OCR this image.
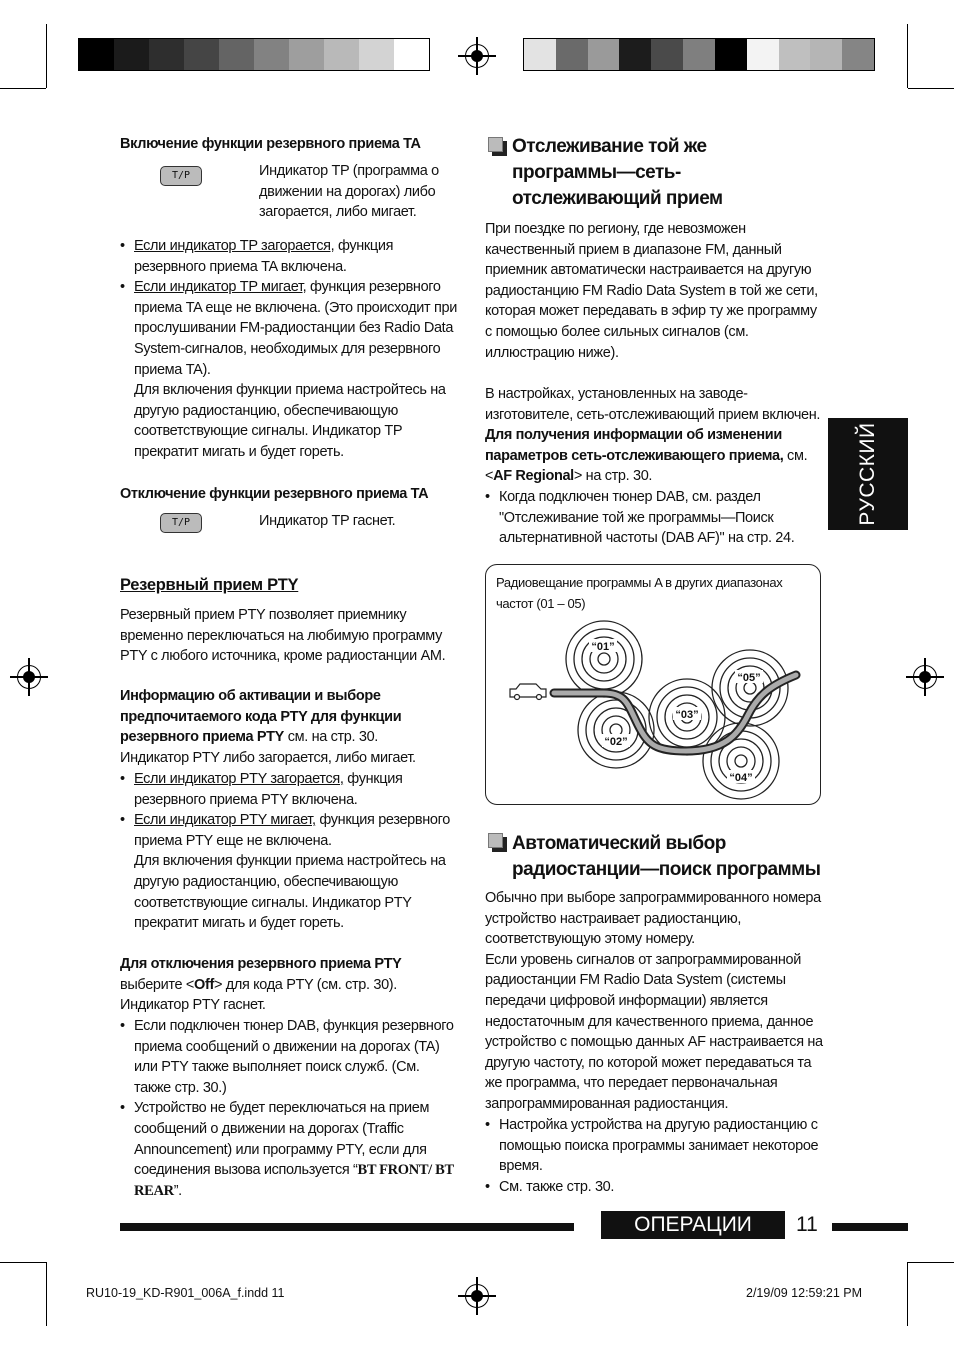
Включение функции резервного приема TA
T/P	Индикатор TP (программа о движении на дорогах) либо загорается, либо мигает.
• Если индикатор TP загорается, функция резервного приема TA включена.
• Если индикатор TP мигает, функция резервного приема TA еще не включена. (Это происходит при прослушивании FM-радиостанции без Radio Data System-сигналов, необходимых для резервного приема TA).
Для включения функции приема настройтесь на другую радиостанцию, обеспечивающую соответствующие сигналы. Индикатор TP прекратит мигать и будет гореть.
Отключение функции резервного приема TA
T/P	Индикатор TP гаснет.
Резервный прием PTY
Резервный прием PTY позволяет приемнику временно переключаться на любимую программу PTY с любого источника, кроме радиостанции AM.
Информацию об активации и выборе предпочитаемого кода PTY для функции резервного приема PTY см. на стр. 30.
Индикатор PTY либо загорается, либо мигает.
• Если индикатор PTY загорается, функция резервного приема PTY включена.
• Если индикатор PTY мигает, функция резервного приема PTY еще не включена.
Для включения функции приема настройтесь на другую радиостанцию, обеспечивающую соответствующие сигналы. Индикатор PTY прекратит мигать и будет гореть.
Для отключения резервного приема PTY
выберите <Off> для кода PTY (см. стр. 30).
Индикатор PTY гаснет.
• Если подключен тюнер DAB, функция резервного приема сообщений о движении на дорогах (TA) или PTY также выполняет поиск служб. (См. также стр. 30.)
• Устройство не будет переключаться на прием сообщений о движении на дорогах (Traffic Announcement) или программу PTY, если для соединения вызова используется “BT FRONT/ BT REAR”.
Отслеживание той же программы—сеть-отслеживающий прием
При поездке по региону, где невозможен качественный прием в диапазоне FM, данный приемник автоматически настраивается на другую радиостанцию FM Radio Data System в той же сети, которая может передавать в эфир ту же программу с помощью более сильных сигналов (см. иллюстрацию ниже).
В настройках, установленных на заводе-изготовителе, сеть-отслеживающий прием включен.
Для получения информации об изменении параметров сеть-отслеживающего приема, см. <AF Regional> на стр. 30.
• Когда подключен тюнер DAB, см. раздел "Отслеживание той же программы—Поиск альтернативной частоты (DAB AF)" на стр. 24.
Радиовещание программы A в других диапазонах частот (01 – 05)
“01”
“02”
“03”
“04”
“05”
Автоматический выбор радиостанции—поиск программы

Обычно при выборе запрограммированного номера устройство настраивает радиостанцию, соответствующую этому номеру.

Если уровень сигналов от запрограммированной радиостанции FM Radio Data System (системы передачи цифровой информации) является недостаточным для качественного приема, данное устройство с помощью данных AF настраивается на другую частоту, по которой может передаваться та же программа, что передает первоначальная запрограммированная радиостанция.

• Настройка устройства на другую радиостанцию с помощью поиска программы занимает некоторое время.
• См. также стр. 30.
РУССКИЙ
ОПЕРАЦИИ	11
RU10-19_KD-R901_006A_f.indd 11	2/19/09 12:59:21 PM
